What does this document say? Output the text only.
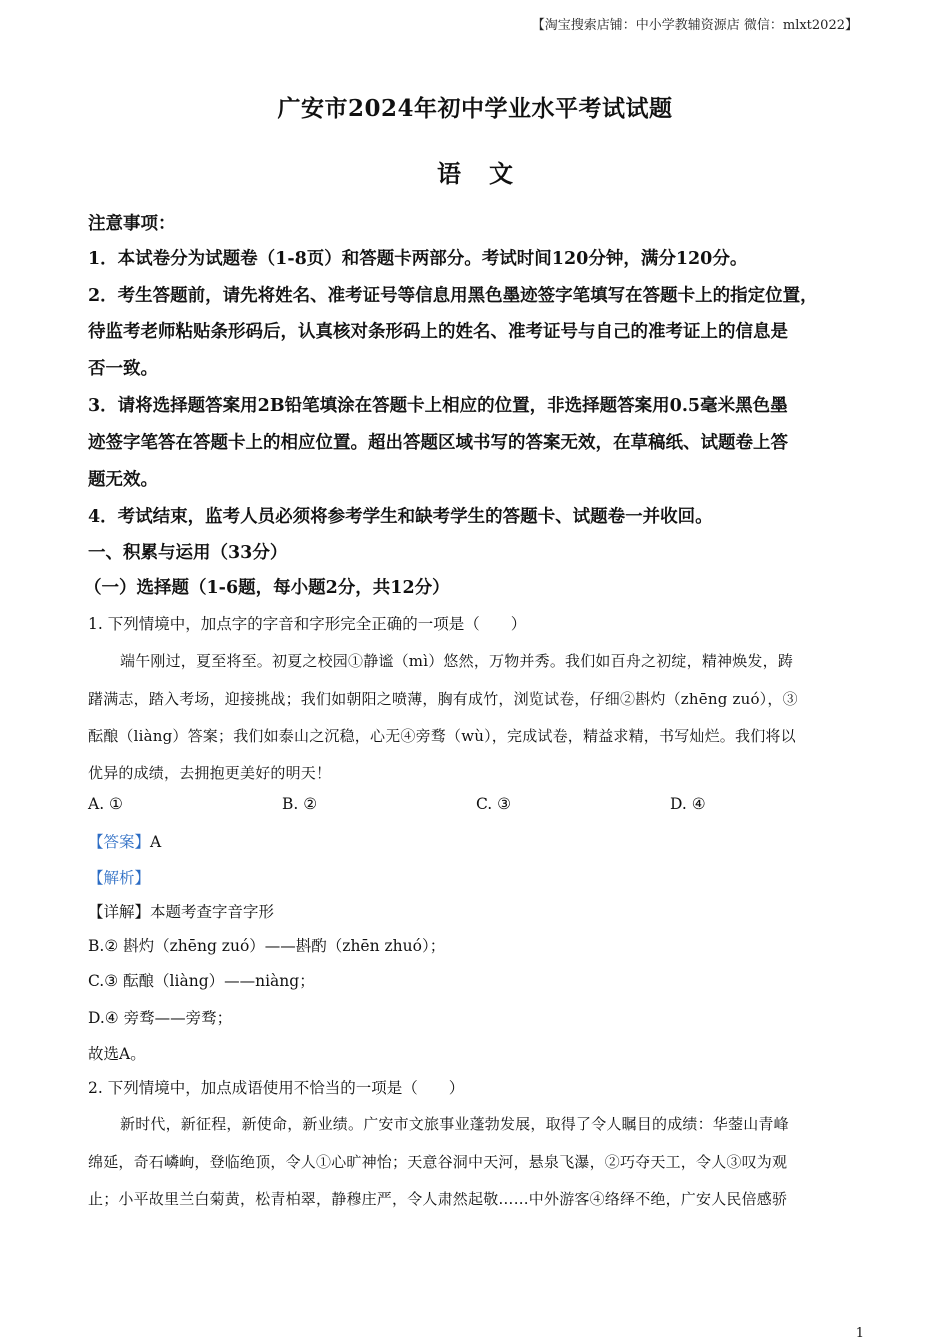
【淘宝搜索店铺：中小学教辅资源店 微信：mlxt2022】
广安市2024年初中学业水平考试试题
语文
注意事项：
1．本试卷分为试题卷（1-8页）和答题卡两部分。考试时间120分钟，满分120分。
2．考生答题前，请先将姓名、准考证号等信息用黑色墨迹签字笔填写在答题卡上的指定位置，
待监考老师粘贴条形码后，认真核对条形码上的姓名、准考证号与自己的准考证上的信息是
否一致。
3．请将选择题答案用2B铅笔填涂在答题卡上相应的位置，非选择题答案用0.5毫米黑色墨
迹签字笔答在答题卡上的相应位置。超出答题区域书写的答案无效，在草稿纸、试题卷上答
题无效。
4．考试结束，监考人员必须将参考学生和缺考学生的答题卡、试题卷一并收回。
一、积累与运用（33分）
（一）选择题（1-6题，每小题2分，共12分）
1. 下列情境中，加点字的字音和字形完全正确的一项是（　　）
端午刚过，夏至将至。初夏之校园①静谧（mì）悠然，万物并秀。我们如百舟之初绽，精神焕发，踌
躇满志，踏入考场，迎接挑战；我们如朝阳之喷薄，胸有成竹，浏览试卷，仔细②斟灼（zhēng zuó），③
酝酿（liàng）答案；我们如泰山之沉稳，心无④旁骛（wù），完成试卷，精益求精，书写灿烂。我们将以
优异的成绩，去拥抱更美好的明天！
A. ①	B. ②	C. ③	D. ④
【答案】A
【解析】
【详解】本题考查字音字形
B.② 斟灼（zhēng zuó）——斟酌（zhēn zhuó）；
C.③ 酝酿（liàng）——niàng；
D.④ 旁骛——旁骛；
故选A。
2. 下列情境中，加点成语使用不恰当的一项是（　　）
新时代，新征程，新使命，新业绩。广安市文旅事业蓬勃发展，取得了令人瞩目的成绩：华蓥山青峰
绵延，奇石嶙峋，登临绝顶，令人①心旷神怡；天意谷洞中天河，悬泉飞瀑，②巧夺天工，令人③叹为观
止；小平故里兰白菊黄，松青柏翠，静穆庄严，令人肃然起敬……中外游客④络绎不绝，广安人民倍感骄
1
